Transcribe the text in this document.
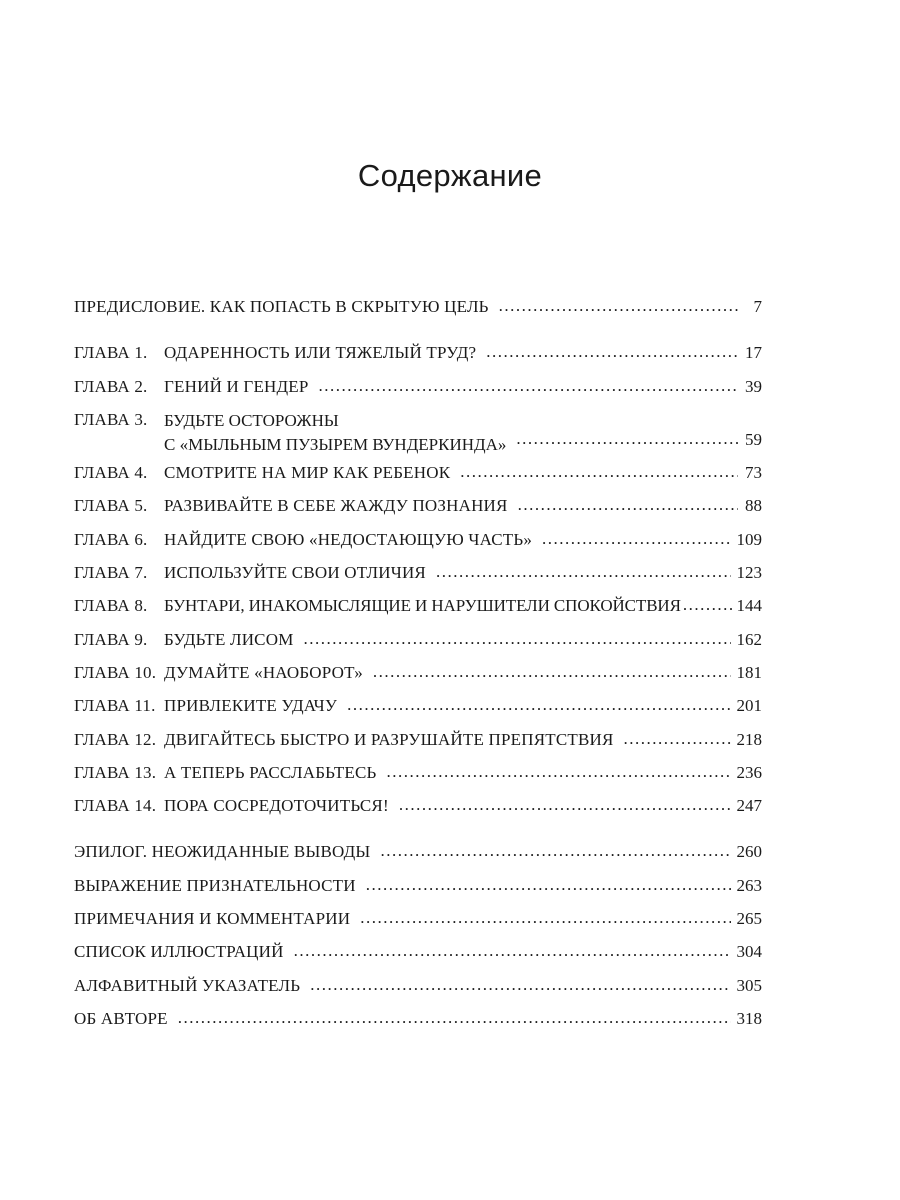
Содержание
ПРЕДИСЛОВИЕ. КАК ПОПАСТЬ В СКРЫТУЮ ЦЕЛЬ .....	7
ГЛАВА 1. ОДАРЕННОСТЬ ИЛИ ТЯЖЕЛЫЙ ТРУД? .....	17
ГЛАВА 2. ГЕНИЙ И ГЕНДЕР .....	39
ГЛАВА 3. БУДЬТЕ ОСТОРОЖНЫ
С «МЫЛЬНЫМ ПУЗЫРЕМ ВУНДЕРКИНДА» .....	59
ГЛАВА 4. СМОТРИТЕ НА МИР КАК РЕБЕНОК .....	73
ГЛАВА 5. РАЗВИВАЙТЕ В СЕБЕ ЖАЖДУ ПОЗНАНИЯ .....	88
ГЛАВА 6. НАЙДИТЕ СВОЮ «НЕДОСТАЮЩУЮ ЧАСТЬ» .....	109
ГЛАВА 7. ИСПОЛЬЗУЙТЕ СВОИ ОТЛИЧИЯ .....	123
ГЛАВА 8. БУНТАРИ, ИНАКОМЫСЛЯЩИЕ И НАРУШИТЕЛИ СПОКОЙСТВИЯ .....	144
ГЛАВА 9. БУДЬТЕ ЛИСОМ .....	162
ГЛАВА 10. ДУМАЙТЕ «НАОБОРОТ» .....	181
ГЛАВА 11. ПРИВЛЕКИТЕ УДАЧУ .....	201
ГЛАВА 12. ДВИГАЙТЕСЬ БЫСТРО И РАЗРУШАЙТЕ ПРЕПЯТСТВИЯ .....	218
ГЛАВА 13. А ТЕПЕРЬ РАССЛАБЬТЕСЬ .....	236
ГЛАВА 14. ПОРА СОСРЕДОТОЧИТЬСЯ! .....	247
ЭПИЛОГ. НЕОЖИДАННЫЕ ВЫВОДЫ .....	260
ВЫРАЖЕНИЕ ПРИЗНАТЕЛЬНОСТИ .....	263
ПРИМЕЧАНИЯ И КОММЕНТАРИИ .....	265
СПИСОК ИЛЛЮСТРАЦИЙ .....	304
АЛФАВИТНЫЙ УКАЗАТЕЛЬ .....	305
ОБ АВТОРЕ .....	318
